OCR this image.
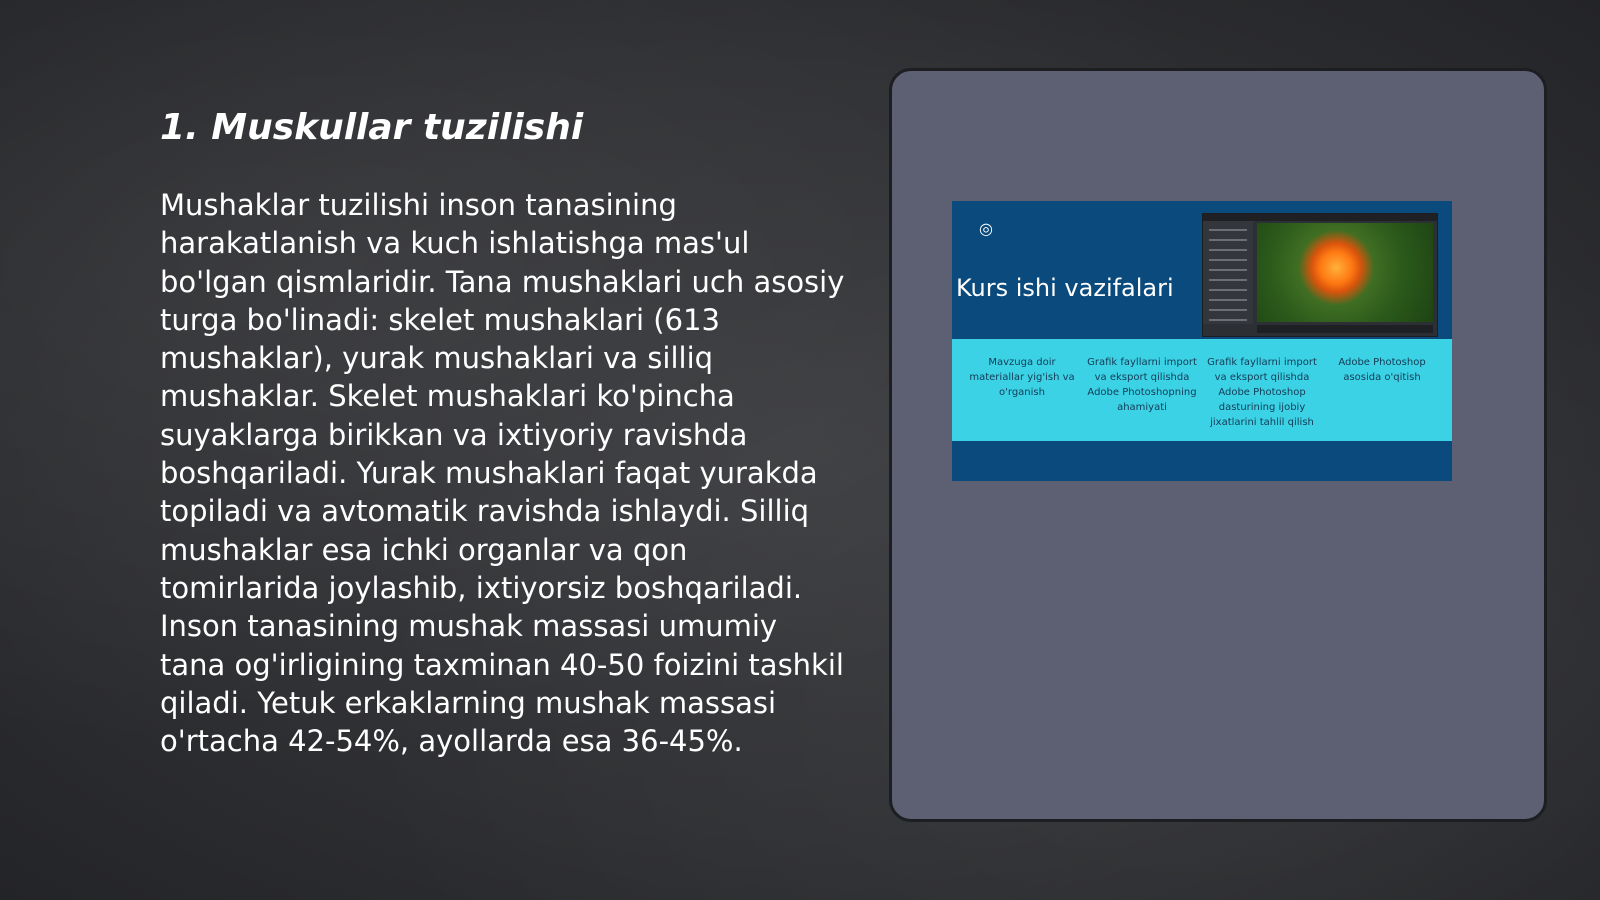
1. Muskullar tuzilishi

Mushaklar tuzilishi inson tanasining harakatlanish va kuch ishlatishga mas'ul bo'lgan qismlaridir. Tana mushaklari uch asosiy turga bo'linadi: skelet mushaklari (613 mushaklar), yurak mushaklari va silliq mushaklar. Skelet mushaklari ko'pincha suyaklarga birikkan va ixtiyoriy ravishda boshqariladi. Yurak mushaklari faqat yurakda topiladi va avtomatik ravishda ishlaydi. Silliq mushaklar esa ichki organlar va qon tomirlarida joylashib, ixtiyorsiz boshqariladi. Inson tanasining mushak massasi umumiy tana og'irligining taxminan 40-50 foizini tashkil qiladi. Yetuk erkaklarning mushak massasi o'rtacha 42-54%, ayollarda esa 36-45%.

◎
Kurs ishi vazifalari
Mavzuga doir materiallar yig'ish va o'rganish
Grafik fayllarni import va eksport qilishda Adobe Photoshopning ahamiyati
Grafik fayllarni import va eksport qilishda Adobe Photoshop dasturining ijobiy jixatlarini tahlil qilish
Adobe Photoshop asosida o'qitish
